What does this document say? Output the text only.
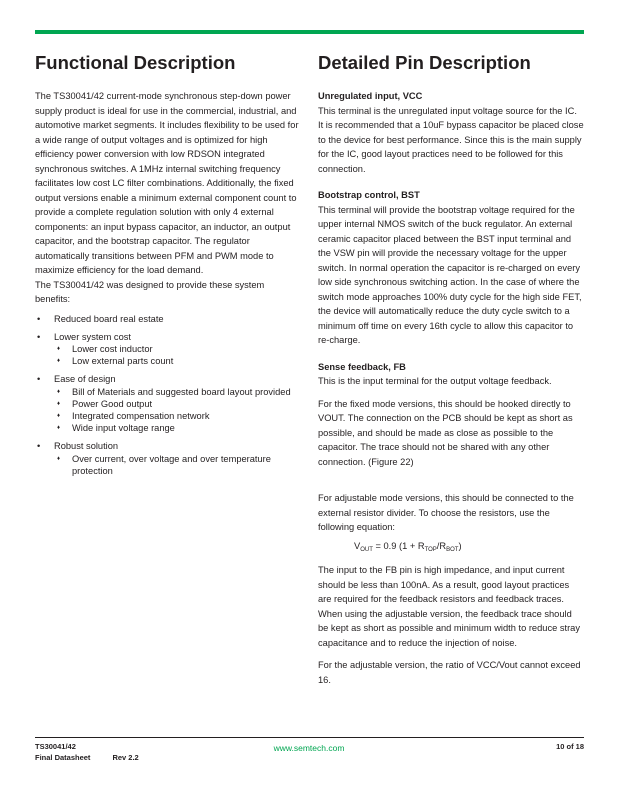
Functional Description

The TS30041/42 current-mode synchronous step-down power supply product is ideal for use in the commercial, industrial, and automotive market segments. It includes flexibility to be used for a wide range of output voltages and is optimized for high efficiency power conversion with low RDSON integrated synchronous switches. A 1MHz internal switching frequency facilitates low cost LC filter combinations. Additionally, the fixed output versions enable a minimum external component count to provide a complete regulation solution with only 4 external components: an input bypass capacitor, an inductor, an output capacitor, and the bootstrap capacitor. The regulator automatically transitions between PFM and PWM mode to maximize efficiency for the load demand.

The TS30041/42 was designed to provide these system benefits:

• Reduced board real estate
• Lower system cost
♦ Lower cost inductor
♦ Low external parts count
• Ease of design
♦ Bill of Materials and suggested board layout provided
♦ Power Good output
♦ Integrated compensation network
♦ Wide input voltage range
• Robust solution
♦ Over current, over voltage and over temperature protection
Detailed Pin Description
Unregulated input, VCC

This terminal is the unregulated input voltage source for the IC. It is recommended that a 10uF bypass capacitor be placed close to the device for best performance. Since this is the main supply for the IC, good layout practices need to be followed for this connection.

Bootstrap control, BST

This terminal will provide the bootstrap voltage required for the upper internal NMOS switch of the buck regulator. An external ceramic capacitor placed between the BST input terminal and the VSW pin will provide the necessary voltage for the upper switch. In normal operation the capacitor is re-charged on every low side synchronous switching action. In the case of where the switch mode approaches 100% duty cycle for the high side FET, the device will automatically reduce the duty cycle switch to a minimum off time on every 16th cycle to allow this capacitor to re-charge.

Sense feedback, FB

This is the input terminal for the output voltage feedback.

For the fixed mode versions, this should be hooked directly to VOUT. The connection on the PCB should be kept as short as possible, and should be made as close as possible to the capacitor. The trace should not be shared with any other connection. (Figure 22)

For adjustable mode versions, this should be connected to the external resistor divider. To choose the resistors, use the following equation:

$V_{OUT} = 0.9$ $(1 + R_{TOP}/R_{BOT})$

The input to the FB pin is high impedance, and input current should be less than 100nA. As a result, good layout practices are required for the feedback resistors and feedback traces. When using the adjustable version, the feedback trace should be kept as short as possible and minimum width to reduce stray capacitance and to reduce the injection of noise.

For the adjustable version, the ratio of VCC/Vout cannot exceed 16.

TS30041/42
Final Datasheet	Rev 2.2
www.semtech.com	10 of 18
